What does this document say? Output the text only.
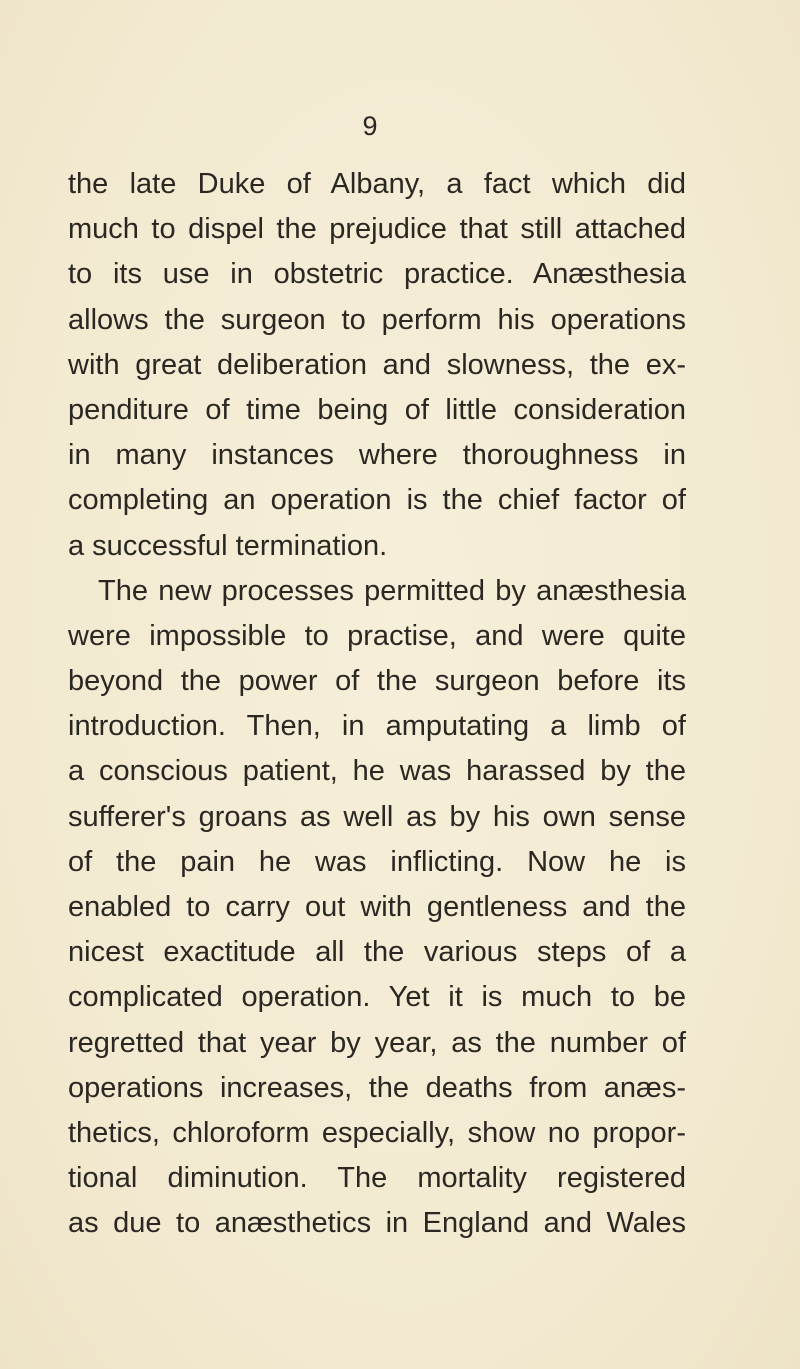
9
the late Duke of Albany, a fact which did
much to dispel the prejudice that still attached
to its use in obstetric practice. Anæsthesia
allows the surgeon to perform his operations
with great deliberation and slowness, the ex-
penditure of time being of little consideration
in many instances where thoroughness in
completing an operation is the chief factor of
a successful termination.
The new processes permitted by anæsthesia
were impossible to practise, and were quite
beyond the power of the surgeon before its
introduction. Then, in amputating a limb of
a conscious patient, he was harassed by the
sufferer's groans as well as by his own sense
of the pain he was inflicting. Now he is
enabled to carry out with gentleness and the
nicest exactitude all the various steps of a
complicated operation. Yet it is much to be
regretted that year by year, as the number of
operations increases, the deaths from anæs-
thetics, chloroform especially, show no propor-
tional diminution. The mortality registered
as due to anæsthetics in England and Wales
